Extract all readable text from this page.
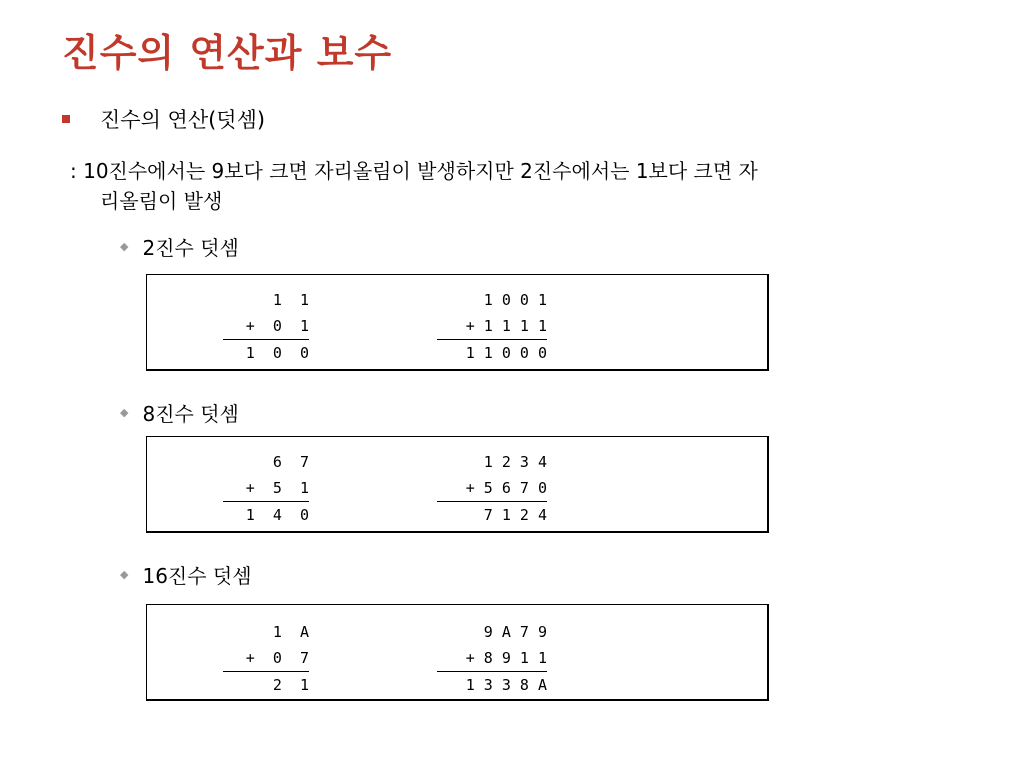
진수의 연산과 보수
진수의 연산(덧셈)
: 10진수에서는 9보다 크면 자리올림이 발생하지만 2진수에서는 1보다 크면 자
리올림이 발생
◆ 2진수 덧셈
1  1
+  0  1
1  0  0
1 0 0 1
+ 1 1 1 1
1 1 0 0 0
◆ 8진수 덧셈
6  7
+  5  1
1  4  0
1 2 3 4
+ 5 6 7 0
7 1 2 4
◆ 16진수 덧셈
1  A
+  0  7
2  1
9 A 7 9
+ 8 9 1 1
1 3 3 8 A
